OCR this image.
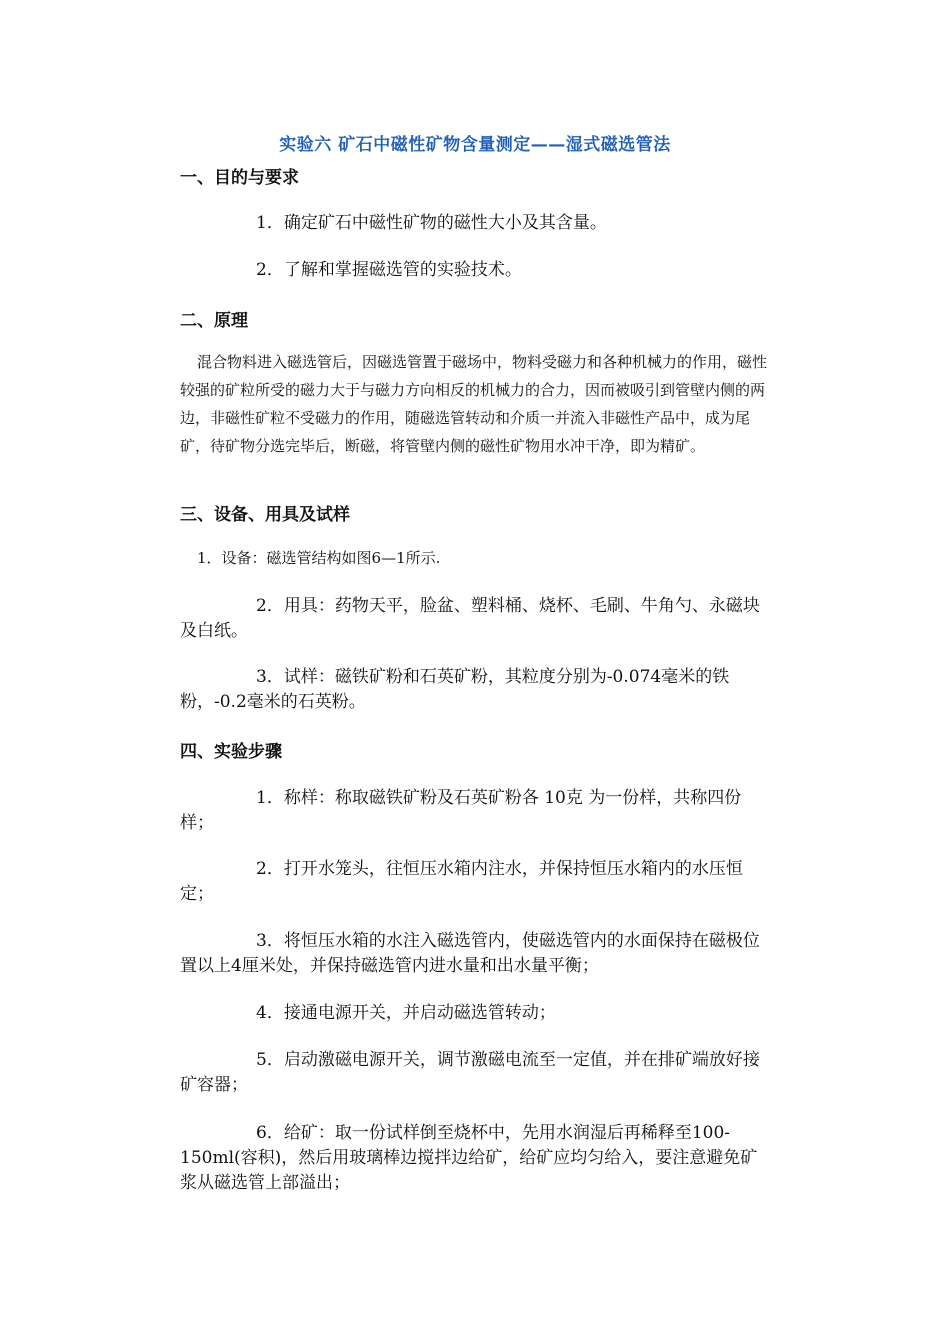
实验六 矿石中磁性矿物含量测定——湿式磁选管法
一、目的与要求

1．确定矿石中磁性矿物的磁性大小及其含量。

2．了解和掌握磁选管的实验技术。

二、原理

混合物料进入磁选管后，因磁选管置于磁场中，物料受磁力和各种机械力的作用，磁性较强的矿粒所受的磁力大于与磁力方向相反的机械力的合力，因而被吸引到管壁内侧的两边，非磁性矿粒不受磁力的作用，随磁选管转动和介质一并流入非磁性产品中，成为尾矿，待矿物分选完毕后，断磁，将管壁内侧的磁性矿物用水冲干净，即为精矿。

三、设备、用具及试样

1．设备：磁选管结构如图6—1所示.

2．用具：药物天平，脸盆、塑料桶、烧杯、毛刷、牛角勺、永磁块及白纸。

3．试样：磁铁矿粉和石英矿粉，其粒度分别为-0.074毫米的铁粉，-0.2毫米的石英粉。

四、实验步骤

1．称样：称取磁铁矿粉及石英矿粉各 10克 为一份样，共称四份样；

2．打开水笼头，往恒压水箱内注水，并保持恒压水箱内的水压恒定；

3．将恒压水箱的水注入磁选管内，使磁选管内的水面保持在磁极位置以上4厘米处，并保持磁选管内进水量和出水量平衡；

4．接通电源开关，并启动磁选管转动；

5．启动激磁电源开关，调节激磁电流至一定值，并在排矿端放好接矿容器；

6．给矿：取一份试样倒至烧杯中，先用水润湿后再稀释至100-150ml(容积)，然后用玻璃棒边搅拌边给矿，给矿应均匀给入，要注意避免矿浆从磁选管上部溢出；
